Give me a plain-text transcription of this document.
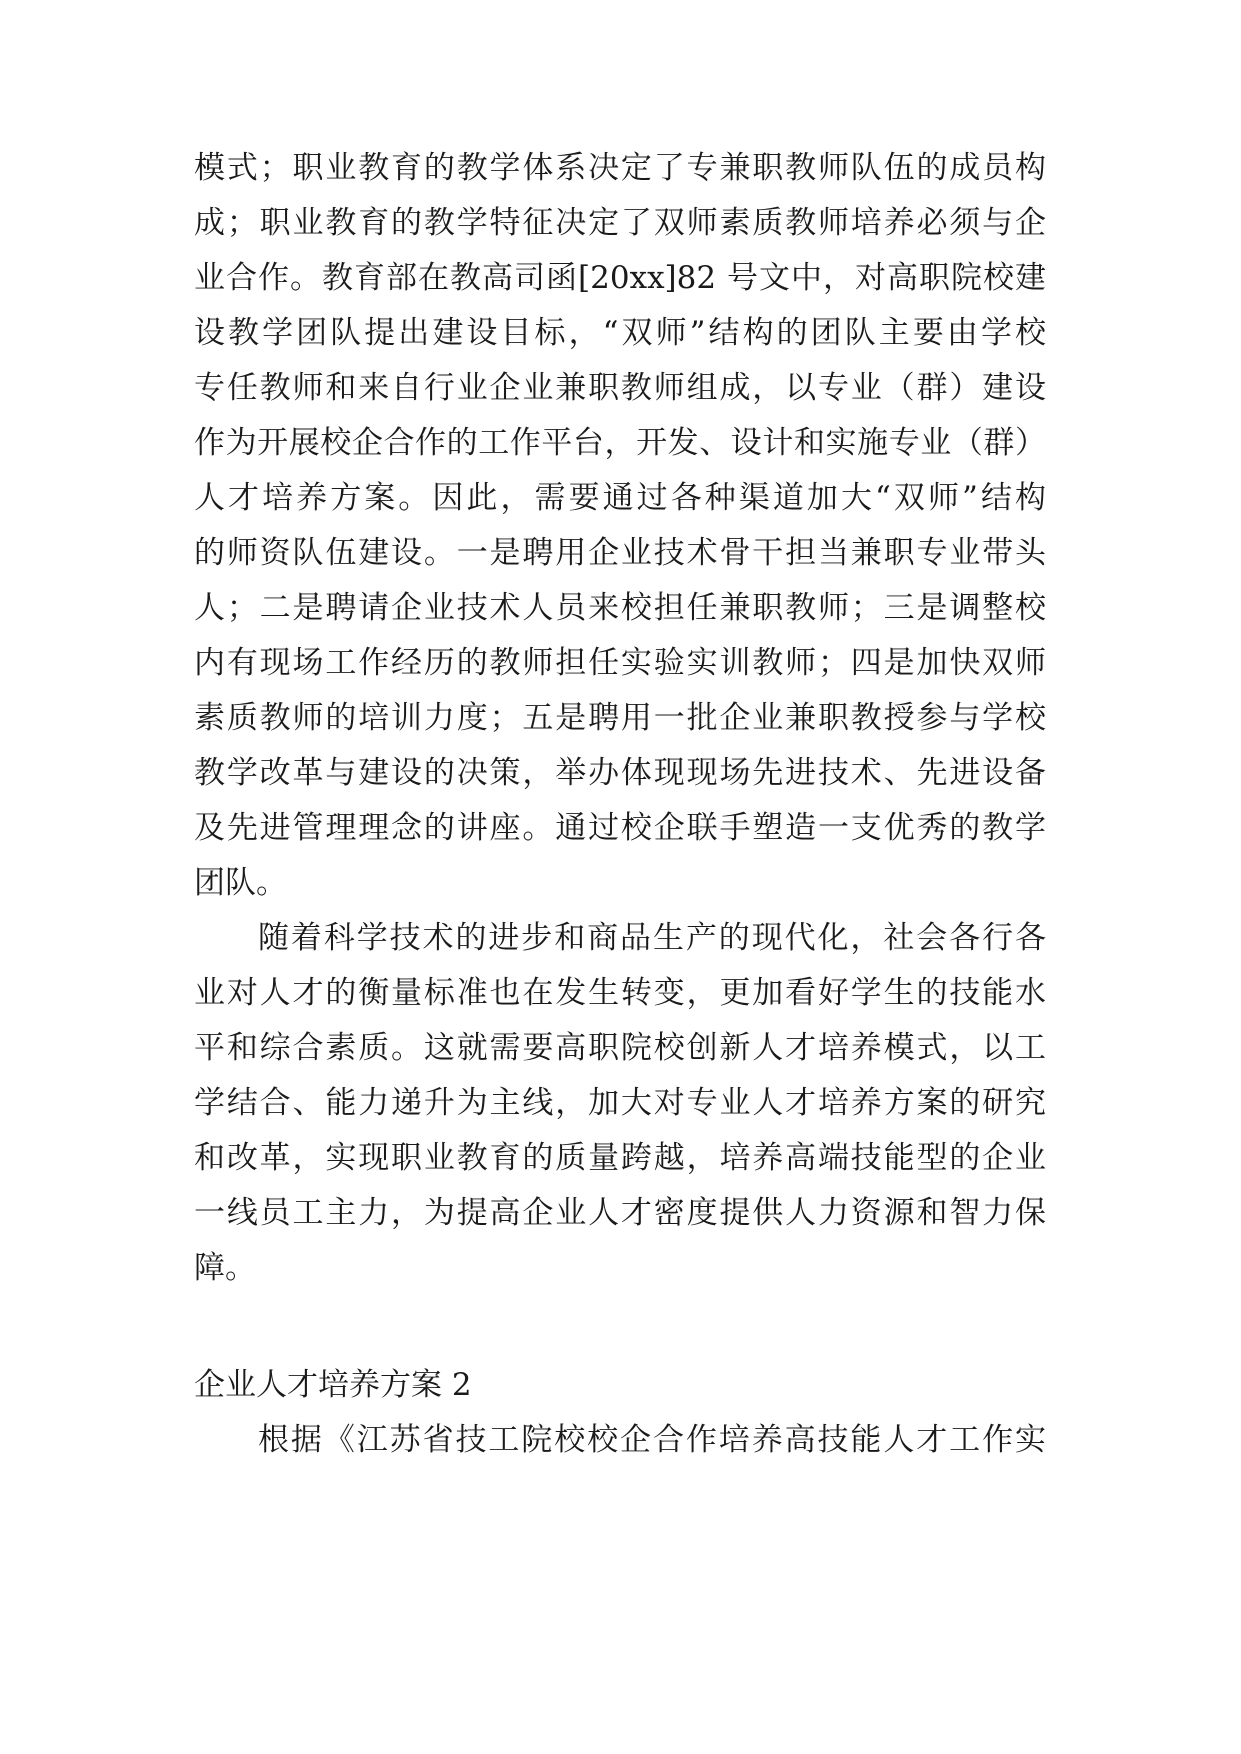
模式；职业教育的教学体系决定了专兼职教师队伍的成员构
成；职业教育的教学特征决定了双师素质教师培养必须与企
业合作。教育部在教高司函[20xx]82 号文中，对高职院校建
设教学团队提出建设目标，“双师”结构的团队主要由学校
专任教师和来自行业企业兼职教师组成，以专业（群）建设
作为开展校企合作的工作平台，开发、设计和实施专业（群）
人才培养方案。因此，需要通过各种渠道加大“双师”结构
的师资队伍建设。一是聘用企业技术骨干担当兼职专业带头
人；二是聘请企业技术人员来校担任兼职教师；三是调整校
内有现场工作经历的教师担任实验实训教师；四是加快双师
素质教师的培训力度；五是聘用一批企业兼职教授参与学校
教学改革与建设的决策，举办体现现场先进技术、先进设备
及先进管理理念的讲座。通过校企联手塑造一支优秀的教学
团队。
随着科学技术的进步和商品生产的现代化，社会各行各
业对人才的衡量标准也在发生转变，更加看好学生的技能水
平和综合素质。这就需要高职院校创新人才培养模式，以工
学结合、能力递升为主线，加大对专业人才培养方案的研究
和改革，实现职业教育的质量跨越，培养高端技能型的企业
一线员工主力，为提高企业人才密度提供人力资源和智力保
障。
企业人才培养方案 2
根据《江苏省技工院校校企合作培养高技能人才工作实
